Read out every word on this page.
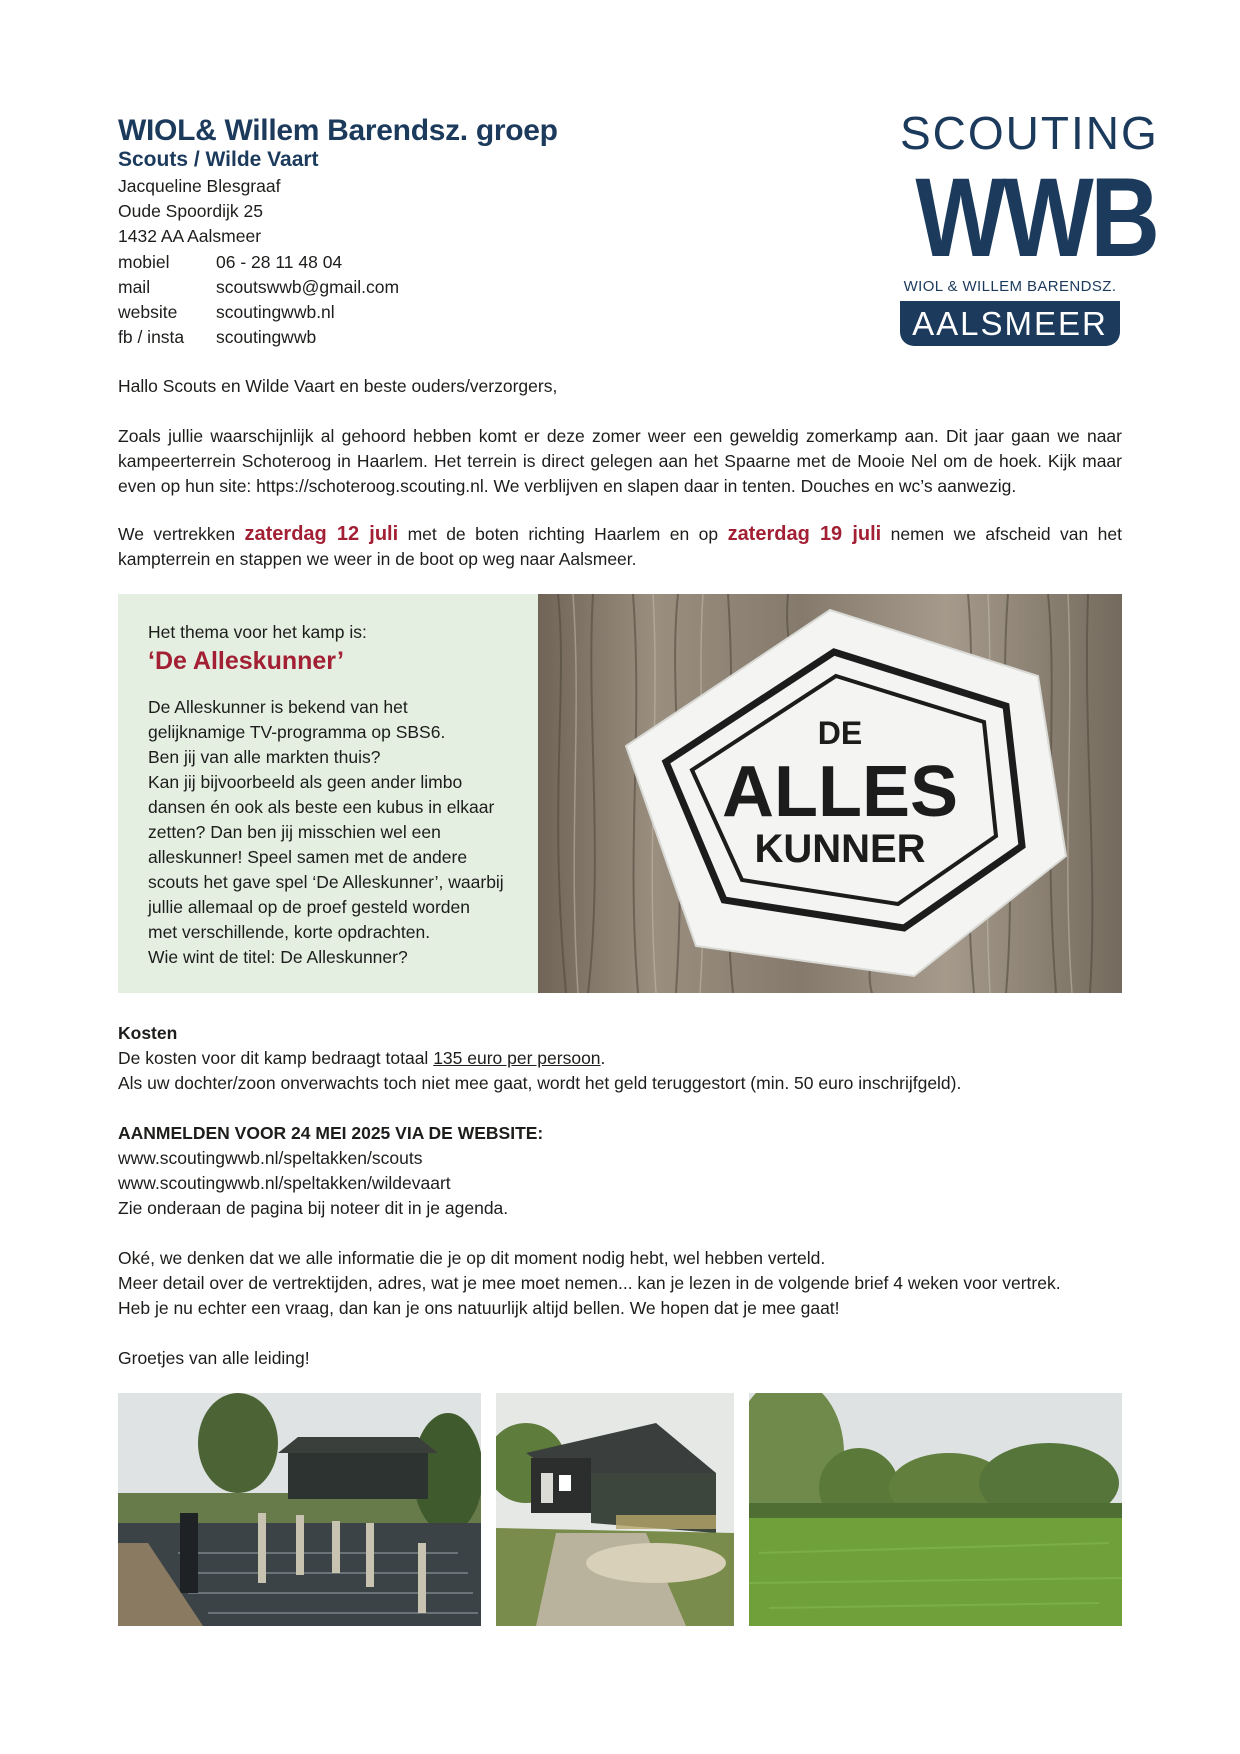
WIOL& Willem Barendsz. groep
Scouts / Wilde Vaart
Jacqueline Blesgraaf
Oude Spoordijk 25
1432 AA Aalsmeer
mobiel	06 - 28 11 48 04
mail	scoutswwb@gmail.com
website	scoutingwwb.nl
fb / insta	scoutingwwb
SCOUTING
WWB
WIOL & WILLEM BARENDSZ.
AALSMEER
Hallo Scouts en Wilde Vaart en beste ouders/verzorgers,
Zoals jullie waarschijnlijk al gehoord hebben komt er deze zomer weer een geweldig zomerkamp aan. Dit jaar gaan we naar kampeerterrein Schoteroog in Haarlem. Het terrein is direct gelegen aan het Spaarne met de Mooie Nel om de hoek. Kijk maar even op hun site: https://schoteroog.scouting.nl. We verblijven en slapen daar in tenten. Douches en wc’s aanwezig.
We vertrekken zaterdag 12 juli met de boten richting Haarlem en op zaterdag 19 juli nemen we afscheid van het kampterrein en stappen we weer in de boot op weg naar Aalsmeer.
Het thema voor het kamp is:
‘De Alleskunner’
De Alleskunner is bekend van het
gelijknamige TV-programma op SBS6.
Ben jij van alle markten thuis?
Kan jij bijvoorbeeld als geen ander limbo
dansen én ook als beste een kubus in elkaar
zetten? Dan ben jij misschien wel een
alleskunner! Speel samen met de andere
scouts het gave spel ‘De Alleskunner’, waarbij
jullie allemaal op de proef gesteld worden
met verschillende, korte opdrachten.
Wie wint de titel: De Alleskunner?
DE
ALLES
KUNNER
Kosten
De kosten voor dit kamp bedraagt totaal 135 euro per persoon.
Als uw dochter/zoon onverwachts toch niet mee gaat, wordt het geld teruggestort (min. 50 euro inschrijfgeld).
AANMELDEN VOOR 24 MEI 2025 VIA DE WEBSITE:
www.scoutingwwb.nl/speltakken/scouts
www.scoutingwwb.nl/speltakken/wildevaart
Zie onderaan de pagina bij noteer dit in je agenda.
Oké, we denken dat we alle informatie die je op dit moment nodig hebt, wel hebben verteld.
Meer detail over de vertrektijden, adres, wat je mee moet nemen... kan je lezen in de volgende brief 4 weken voor vertrek.
Heb je nu echter een vraag, dan kan je ons natuurlijk altijd bellen. We hopen dat je mee gaat!
Groetjes van alle leiding!
